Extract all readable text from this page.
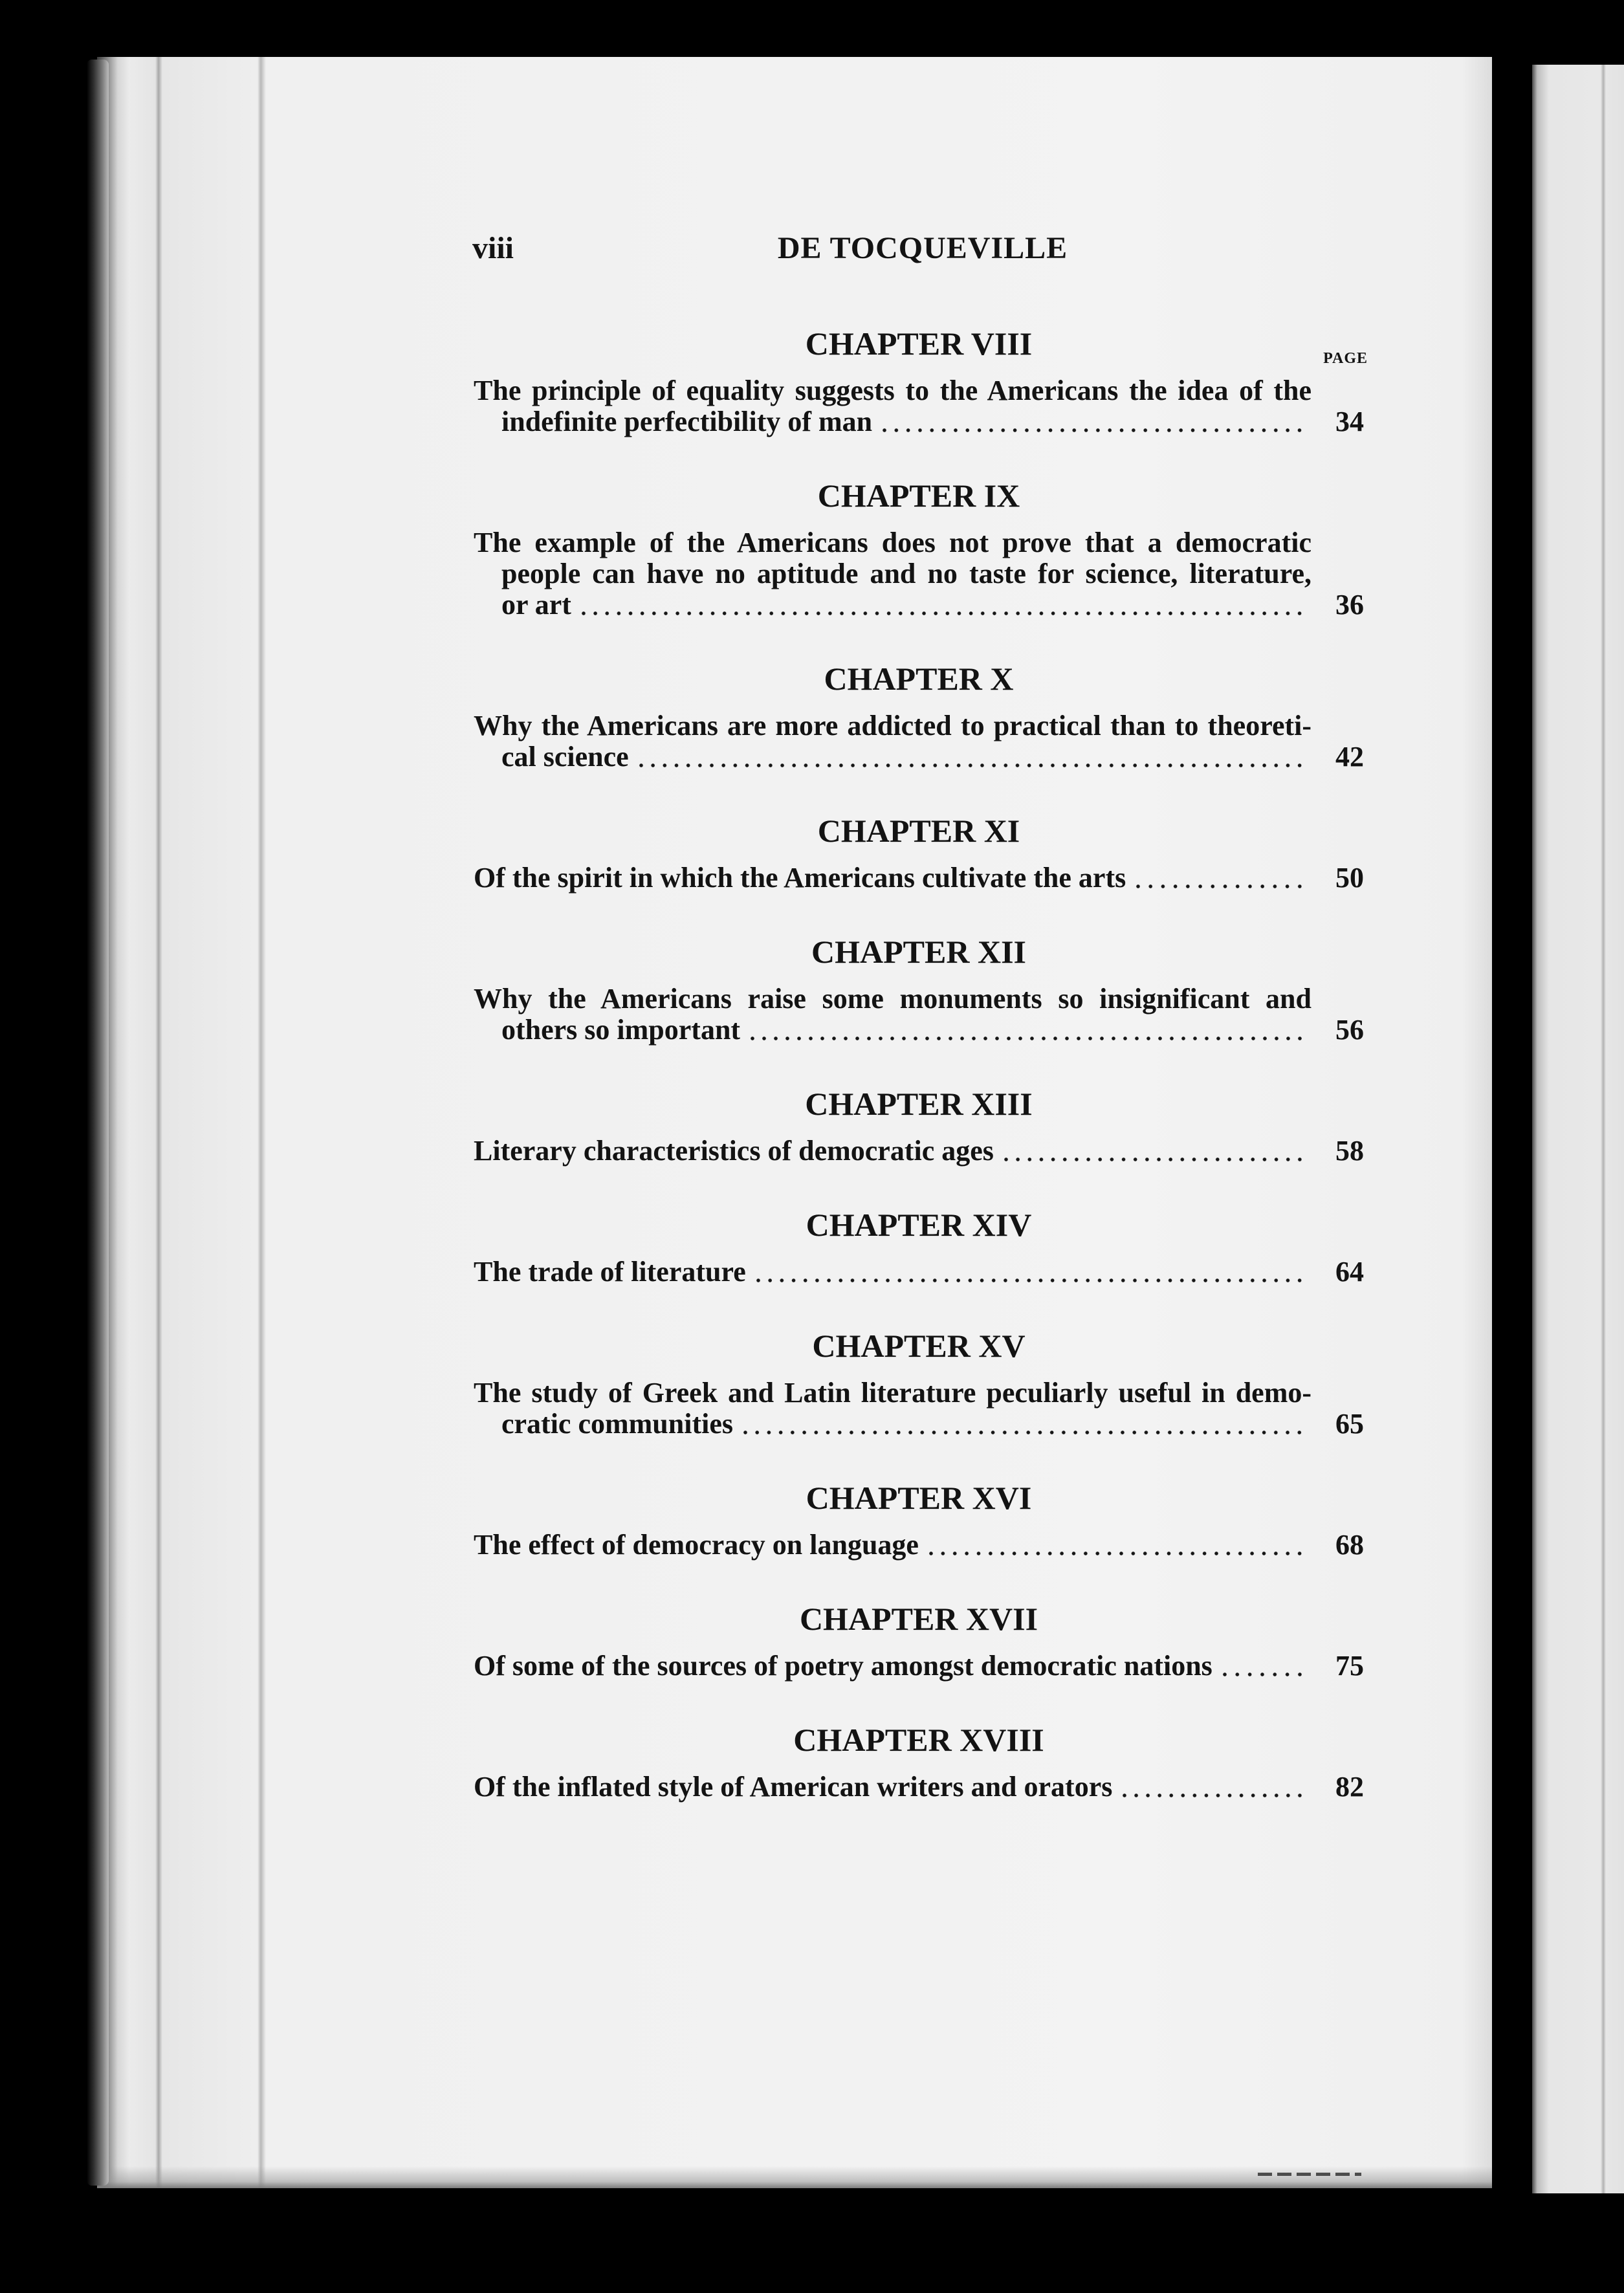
viii	DE TOCQUEVILLE
PAGE
CHAPTER VIII
The principle of equality suggests to the Americans the idea of the
indefinite perfectibility of man	34
CHAPTER IX
The example of the Americans does not prove that a democratic
people can have no aptitude and no taste for science, literature,
or art	36
CHAPTER X
Why the Americans are more addicted to practical than to theoreti-
cal science	42
CHAPTER XI
Of the spirit in which the Americans cultivate the arts	50
CHAPTER XII
Why the Americans raise some monuments so insignificant and
others so important	56
CHAPTER XIII
Literary characteristics of democratic ages	58
CHAPTER XIV
The trade of literature	64
CHAPTER XV
The study of Greek and Latin literature peculiarly useful in demo-
cratic communities	65
CHAPTER XVI
The effect of democracy on language	68
CHAPTER XVII
Of some of the sources of poetry amongst democratic nations	75
CHAPTER XVIII
Of the inflated style of American writers and orators	82
